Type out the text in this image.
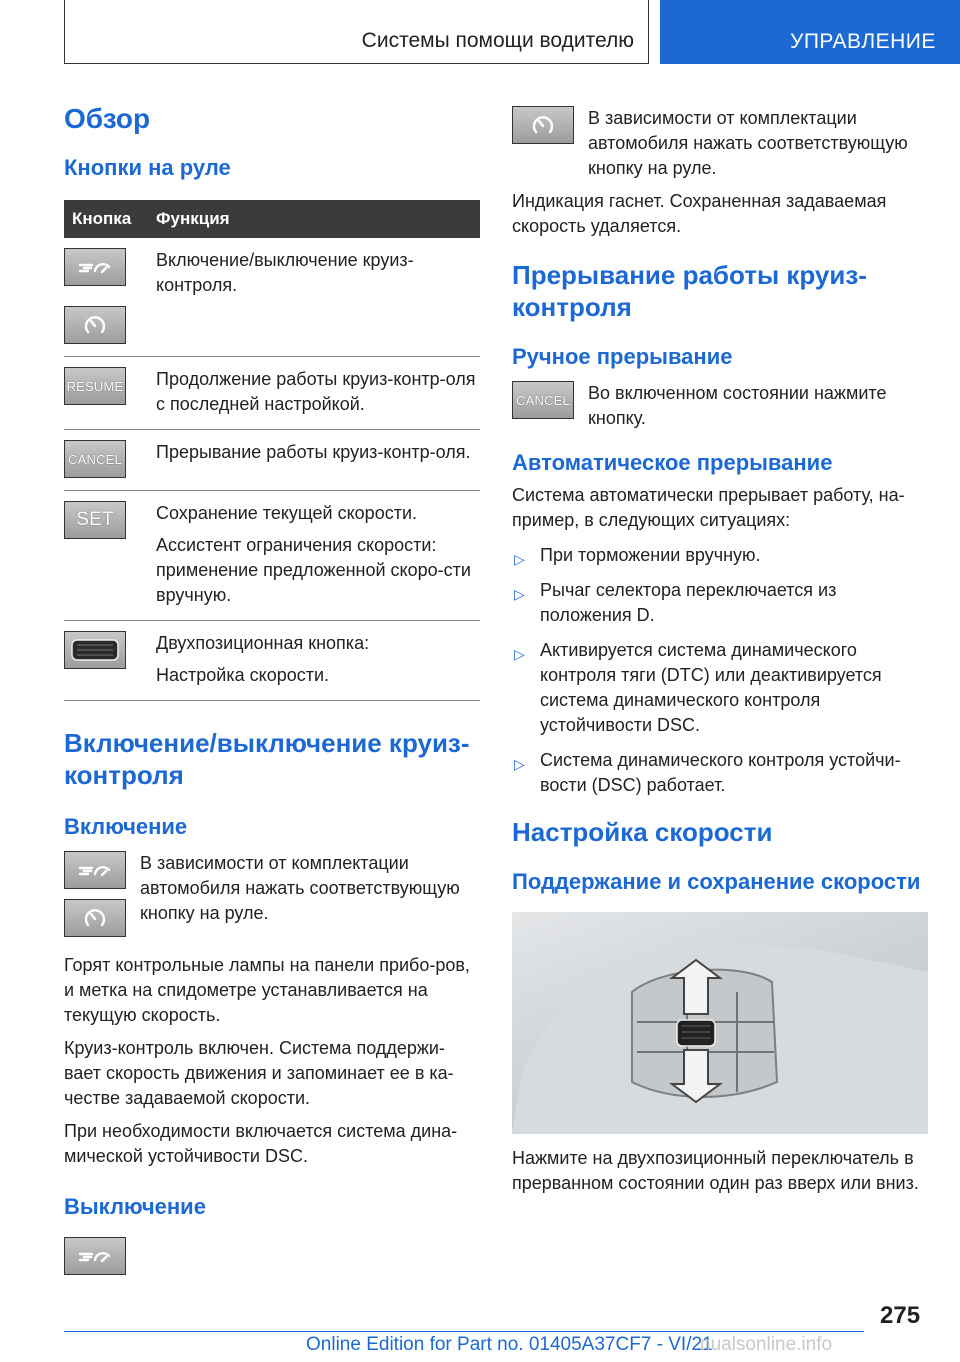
Системы помощи водителю	УПРАВЛЕНИЕ
Обзор
Кнопки на руле
Кнопка	Функция

Включение/выключение круиз-контроля.

RESUME Продолжение работы круиз-контр-оля с последней настройкой.

CANCEL Прерывание работы круиз-контр-оля.

SET Сохранение текущей скорости.

Ассистент ограничения скорости: применение предложенной скоро-сти вручную.

Двухпозиционная кнопка:

Настройка скорости.

Включение/выключение круиз-контроля
Включение

В зависимости от комплектации автомобиля нажать соответствующую кнопку на руле.

Горят контрольные лампы на панели прибо-ров, и метка на спидометре устанавливается на текущую скорость.

Круиз-контроль включен. Система поддержи-вает скорость движения и запоминает ее в ка-честве задаваемой скорости.

При необходимости включается система дина-мической устойчивости DSC.

Выключение

В зависимости от комплектации автомобиля нажать соответствующую кнопку на руле.

Индикация гаснет. Сохраненная задаваемая скорость удаляется.

Прерывание работы круиз-контроля
Ручное прерывание
CANCEL Во включенном состоянии нажмите кнопку.

Автоматическое прерывание

Система автоматически прерывает работу, на-пример, в следующих ситуациях:

▷ При торможении вручную.
▷ Рычаг селектора переключается из положения D.
▷ Активируется система динамического контроля тяги (DTC) или деактивируется система динамического контроля устойчивости DSC.
▷ Система динамического контроля устойчи-вости (DSC) работает.
Настройка скорости
Поддержание и сохранение скорости

Нажмите на двухпозиционный переключатель в прерванном состоянии один раз вверх или вниз.

275
Online Edition for Part no. 01405A37CF7 - VI/21
nualsonline.info
